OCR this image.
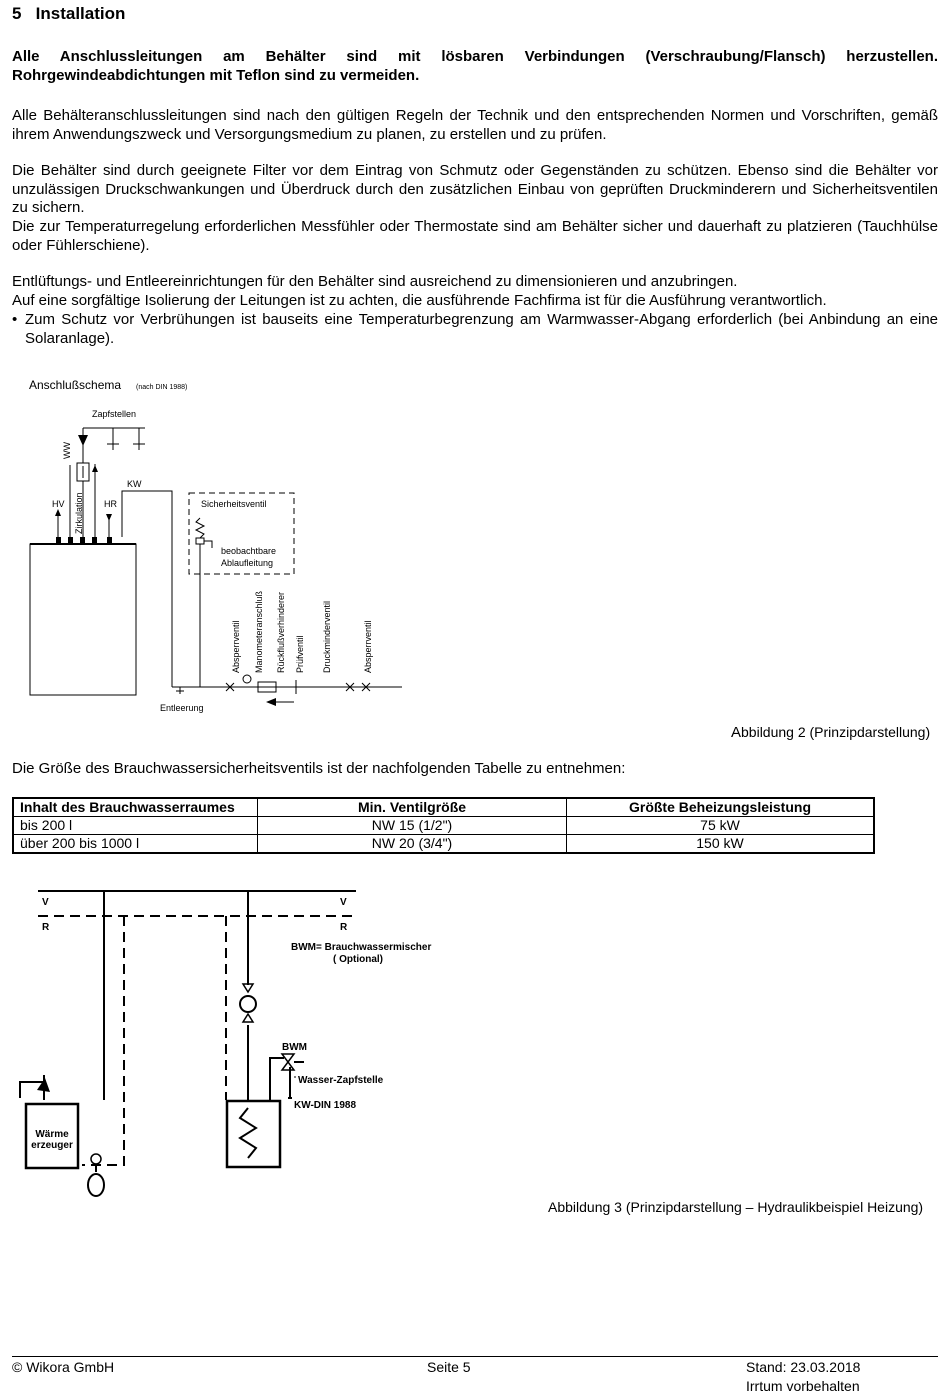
5 Installation

Alle Anschlussleitungen am Behälter sind mit lösbaren Verbindungen (Verschraubung/Flansch) herzustellen. Rohrgewindeabdichtungen mit Teflon sind zu vermeiden.

Alle Behälteranschlussleitungen sind nach den gültigen Regeln der Technik und den entsprechenden Normen und Vorschriften, gemäß ihrem Anwendungszweck und Versorgungsmedium zu planen, zu erstellen und zu prüfen.

Die Behälter sind durch geeignete Filter vor dem Eintrag von Schmutz oder Gegenständen zu schützen. Ebenso sind die Behälter vor unzulässigen Druckschwankungen und Überdruck durch den zusätzlichen Einbau von geprüften Druckminderern und Sicherheitsventilen zu sichern.

Die zur Temperaturregelung erforderlichen Messfühler oder Thermostate sind am Behälter sicher und dauerhaft zu platzieren (Tauchhülse oder Fühlerschiene).

Entlüftungs- und Entleereinrichtungen für den Behälter sind ausreichend zu dimensionieren und anzubringen.

Auf eine sorgfältige Isolierung der Leitungen ist zu achten, die ausführende Fachfirma ist für die Ausführung verantwortlich.

• Zum Schutz vor Verbrühungen ist bauseits eine Temperaturbegrenzung am Warmwasser-Abgang erforderlich (bei Anbindung an eine Solaranlage).
Anschlußschema (nach DIN 1988)
HV	HR
WW
Zirkulation
Zapfstellen
KW
Sicherheitsventil
beobachtbare
Ablaufleitung
Entleerung
Absperrventil Manometeranschluß Rückflußverhinderer Prüfventil Druckminderventil	Absperrventil
Abbildung 2 (Prinzipdarstellung)

Die Größe des Brauchwassersicherheitsventils ist der nachfolgenden Tabelle zu entnehmen:

Inhalt des Brauchwasserraumes	Min. Ventilgröße	Größte Beheizungsleistung
bis 200 l	NW 15 (1/2")	75 kW
über 200 bis 1000 l	NW 20 (3/4")	150 kW
V
R
V
R
Wärme
erzeuger
BWM= Brauchwassermischer
( Optional)
BWM
Wasser-Zapfstelle
KW-DIN 1988
Abbildung 3 (Prinzipdarstellung – Hydraulikbeispiel Heizung)
© Wikora GmbH	Seite 5	Stand: 23.03.2018
Irrtum vorbehalten
